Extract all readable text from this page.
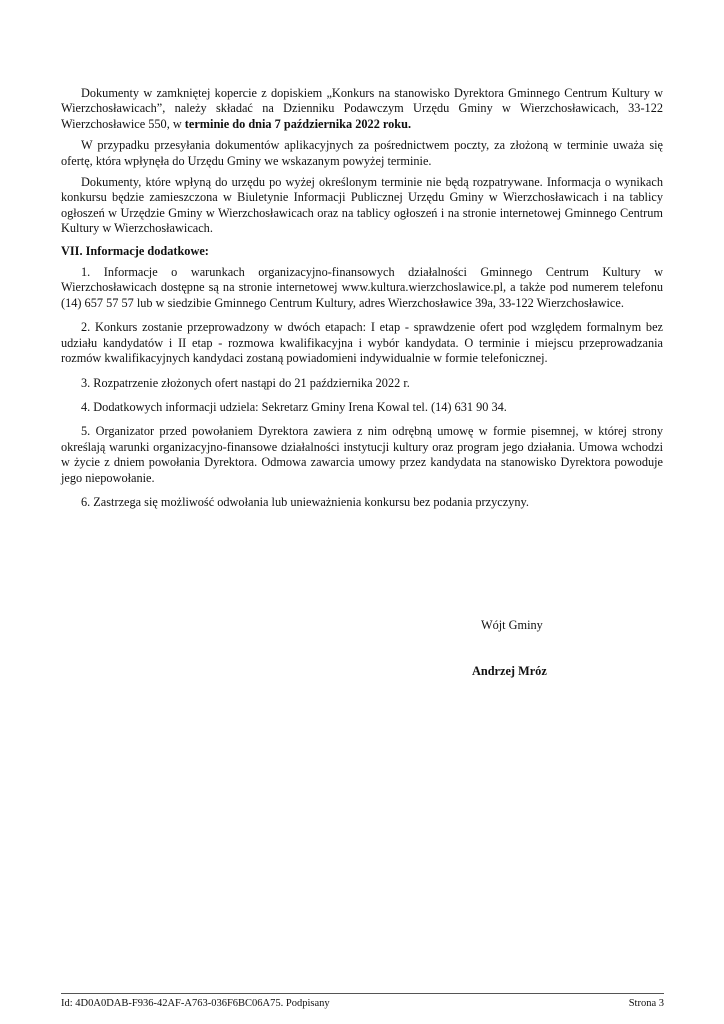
Dokumenty w zamkniętej kopercie z dopiskiem „Konkurs na stanowisko Dyrektora Gminnego Centrum Kultury w Wierzchosławicach”, należy składać na Dzienniku Podawczym Urzędu Gminy w Wierzchosławicach, 33-122 Wierzchosławice 550, w terminie do dnia 7 października 2022 roku.

W przypadku przesyłania dokumentów aplikacyjnych za pośrednictwem poczty, za złożoną w terminie uważa się ofertę, która wpłynęła do Urzędu Gminy we wskazanym powyżej terminie.

Dokumenty, które wpłyną do urzędu po wyżej określonym terminie nie będą rozpatrywane. Informacja o wynikach konkursu będzie zamieszczona w Biuletynie Informacji Publicznej Urzędu Gminy w Wierzchosławicach i na tablicy ogłoszeń w Urzędzie Gminy w Wierzchosławicach oraz na tablicy ogłoszeń i na stronie internetowej Gminnego Centrum Kultury w Wierzchosławicach.

VII. Informacje dodatkowe:

1. Informacje o warunkach organizacyjno-finansowych działalności Gminnego Centrum Kultury w Wierzchosławicach dostępne są na stronie internetowej www.kultura.wierzchoslawice.pl, a także pod numerem telefonu (14) 657 57 57 lub w siedzibie Gminnego Centrum Kultury, adres Wierzchosławice 39a, 33-122 Wierzchosławice.

2. Konkurs zostanie przeprowadzony w dwóch etapach: I etap - sprawdzenie ofert pod względem formalnym bez udziału kandydatów i II etap - rozmowa kwalifikacyjna i wybór kandydata. O terminie i miejscu przeprowadzania rozmów kwalifikacyjnych kandydaci zostaną powiadomieni indywidualnie w formie telefonicznej.

3. Rozpatrzenie złożonych ofert nastąpi do 21 października 2022 r.

4. Dodatkowych informacji udziela: Sekretarz Gminy Irena Kowal tel. (14) 631 90 34.

5. Organizator przed powołaniem Dyrektora zawiera z nim odrębną umowę w formie pisemnej, w której strony określają warunki organizacyjno-finansowe działalności instytucji kultury oraz program jego działania. Umowa wchodzi w życie z dniem powołania Dyrektora. Odmowa zawarcia umowy przez kandydata na stanowisko Dyrektora powoduje jego niepowołanie.

6. Zastrzega się możliwość odwołania lub unieważnienia konkursu bez podania przyczyny.

Wójt Gminy
Andrzej Mróz
Id: 4D0A0DAB-F936-42AF-A763-036F6BC06A75. Podpisany	Strona 3
